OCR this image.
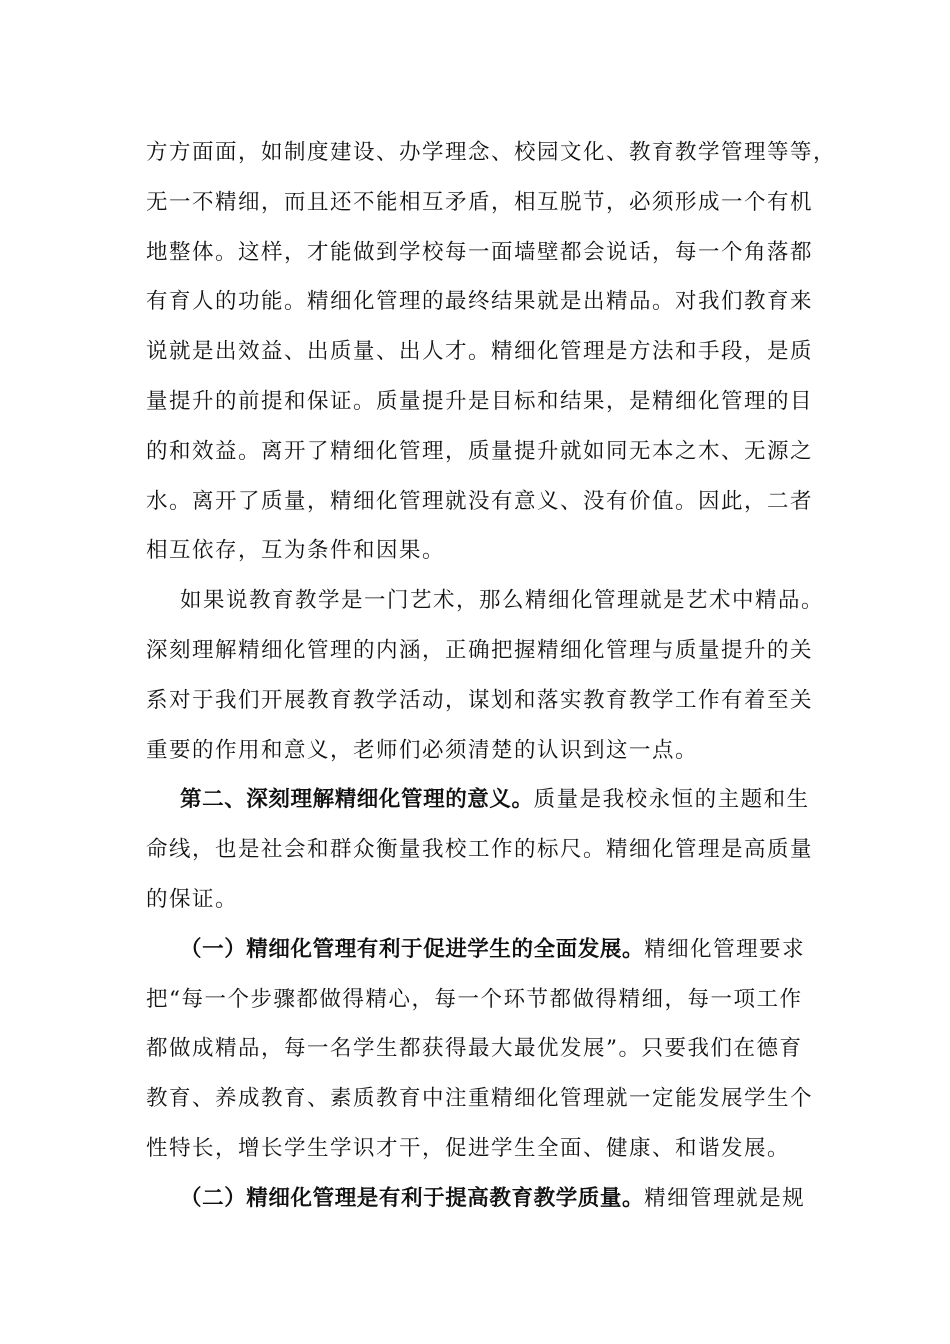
方方面面，如制度建设、办学理念、校园文化、教育教学管理等等，
无一不精细，而且还不能相互矛盾，相互脱节，必须形成一个有机
地整体。这样，才能做到学校每一面墙壁都会说话，每一个角落都
有育人的功能。精细化管理的最终结果就是出精品。对我们教育来
说就是出效益、出质量、出人才。精细化管理是方法和手段，是质
量提升的前提和保证。质量提升是目标和结果，是精细化管理的目
的和效益。离开了精细化管理，质量提升就如同无本之木、无源之
水。离开了质量，精细化管理就没有意义、没有价值。因此，二者
相互依存，互为条件和因果。
如果说教育教学是一门艺术，那么精细化管理就是艺术中精品。
深刻理解精细化管理的内涵，正确把握精细化管理与质量提升的关
系对于我们开展教育教学活动，谋划和落实教育教学工作有着至关
重要的作用和意义，老师们必须清楚的认识到这一点。
第二、深刻理解精细化管理的意义。质量是我校永恒的主题和生
命线，也是社会和群众衡量我校工作的标尺。精细化管理是高质量
的保证。
（一）精细化管理有利于促进学生的全面发展。精细化管理要求
把“每一个步骤都做得精心，每一个环节都做得精细，每一项工作
都做成精品，每一名学生都获得最大最优发展”。只要我们在德育
教育、养成教育、素质教育中注重精细化管理就一定能发展学生个
性特长，增长学生学识才干，促进学生全面、健康、和谐发展。
（二）精细化管理是有利于提高教育教学质量。精细管理就是规
